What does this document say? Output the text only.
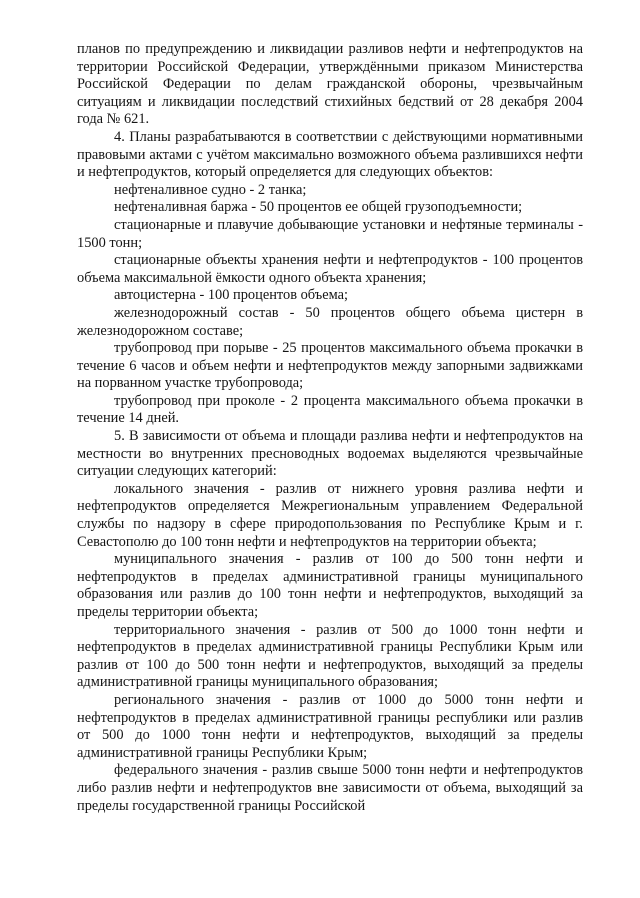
планов по предупреждению и ликвидации разливов нефти и нефтепродуктов на территории Российской Федерации, утверждёнными приказом Министерства Российской Федерации по делам гражданской обороны, чрезвычайным ситуациям и ликвидации последствий стихийных бедствий от 28 декабря 2004 года № 621.

4. Планы разрабатываются в соответствии с действующими нормативными правовыми актами с учётом максимально возможного объема разлившихся нефти и нефтепродуктов, который определяется для следующих объектов:

нефтеналивное судно - 2 танка;

нефтеналивная баржа - 50 процентов ее общей грузоподъемности;

стационарные и плавучие добывающие установки и нефтяные терминалы - 1500 тонн;

стационарные объекты хранения нефти и нефтепродуктов - 100 процентов объема максимальной ёмкости одного объекта хранения;

автоцистерна - 100 процентов объема;

железнодорожный состав - 50 процентов общего объема цистерн в железнодорожном составе;

трубопровод при порыве - 25 процентов максимального объема прокачки в течение 6 часов и объем нефти и нефтепродуктов между запорными задвижками на порванном участке трубопровода;

трубопровод при проколе - 2 процента максимального объема прокачки в течение 14 дней.

5. В зависимости от объема и площади разлива нефти и нефтепродуктов на местности во внутренних пресноводных водоемах выделяются чрезвычайные ситуации следующих категорий:

локального значения - разлив от нижнего уровня разлива нефти и нефтепродуктов определяется Межрегиональным управлением Федеральной службы по надзору в сфере природопользования по Республике Крым и г. Севастополю до 100 тонн нефти и нефтепродуктов на территории объекта;

муниципального значения - разлив от 100 до 500 тонн нефти и нефтепродуктов в пределах административной границы муниципального образования или разлив до 100 тонн нефти и нефтепродуктов, выходящий за пределы территории объекта;

территориального значения - разлив от 500 до 1000 тонн нефти и нефтепродуктов в пределах административной границы Республики Крым или разлив от 100 до 500 тонн нефти и нефтепродуктов, выходящий за пределы административной границы муниципального образования;

регионального значения - разлив от 1000 до 5000 тонн нефти и нефтепродуктов в пределах административной границы республики или разлив от 500 до 1000 тонн нефти и нефтепродуктов, выходящий за пределы административной границы Республики Крым;

федерального значения - разлив свыше 5000 тонн нефти и нефтепродуктов либо разлив нефти и нефтепродуктов вне зависимости от объема, выходящий за пределы государственной границы Российской
